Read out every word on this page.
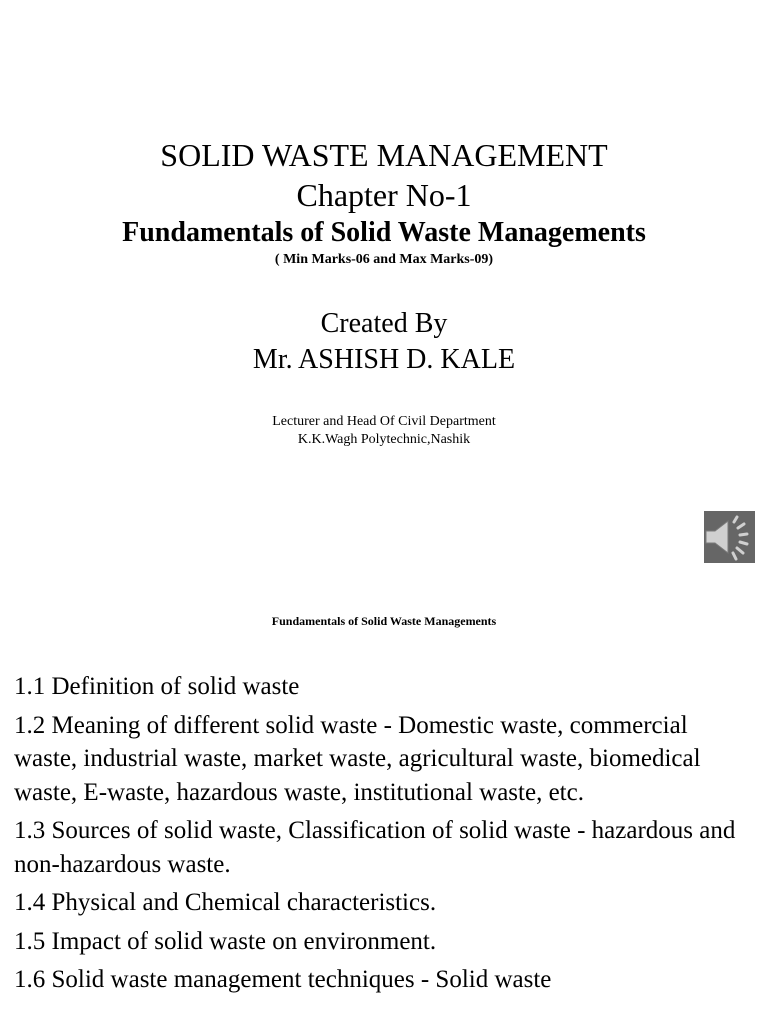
SOLID WASTE MANAGEMENT
Chapter No-1
Fundamentals of Solid Waste Managements
( Min Marks-06 and Max Marks-09)
Created By
Mr. ASHISH D. KALE
Lecturer and Head Of Civil Department
K.K.Wagh Polytechnic,Nashik
Fundamentals of Solid Waste Managements
1.1 Definition of solid waste
1.2 Meaning of different solid waste - Domestic waste, commercial waste, industrial waste, market waste, agricultural waste, biomedical waste, E-waste, hazardous waste, institutional waste, etc.
1.3 Sources of solid waste, Classification of solid waste - hazardous and non-hazardous waste.
1.4 Physical and Chemical characteristics.
1.5 Impact of solid waste on environment.
1.6 Solid waste management techniques - Solid waste
